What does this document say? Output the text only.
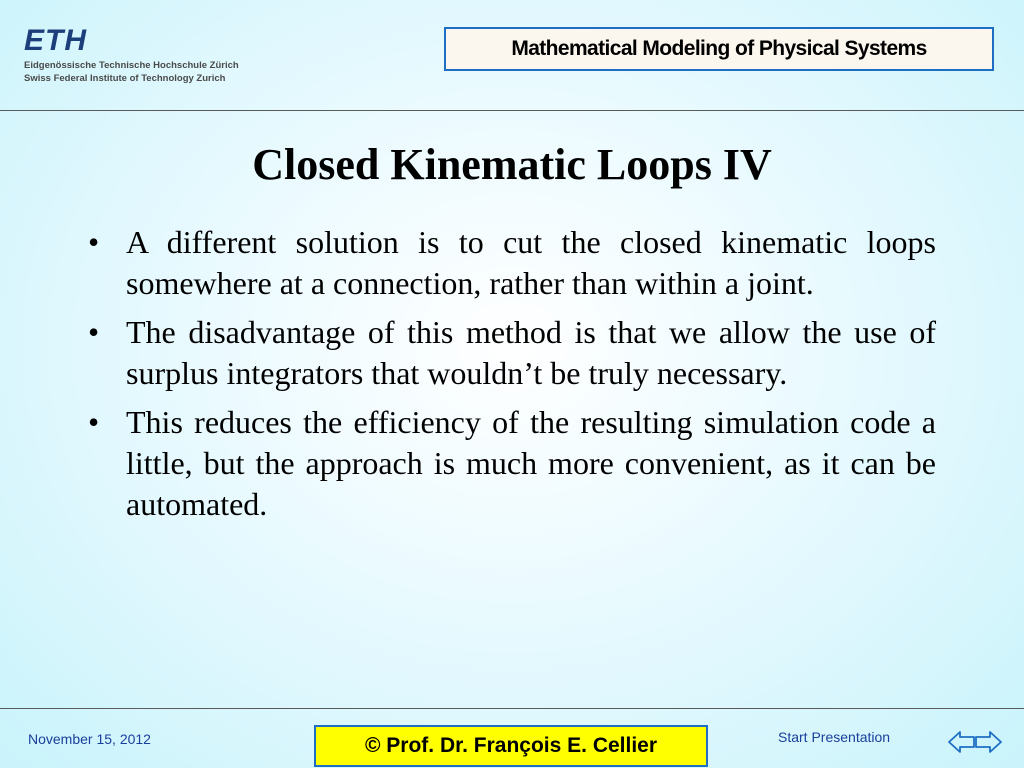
ETH
Eidgenössische Technische Hochschule Zürich
Swiss Federal Institute of Technology Zurich
Mathematical Modeling of Physical Systems
Closed Kinematic Loops IV
• A different solution is to cut the closed kinematic loops somewhere at a connection, rather than within a joint.
• The disadvantage of this method is that we allow the use of surplus integrators that wouldn’t be truly necessary.
• This reduces the efficiency of the resulting simulation code a little, but the approach is much more convenient, as it can be automated.
November 15, 2012	© Prof. Dr. François E. Cellier	Start Presentation
